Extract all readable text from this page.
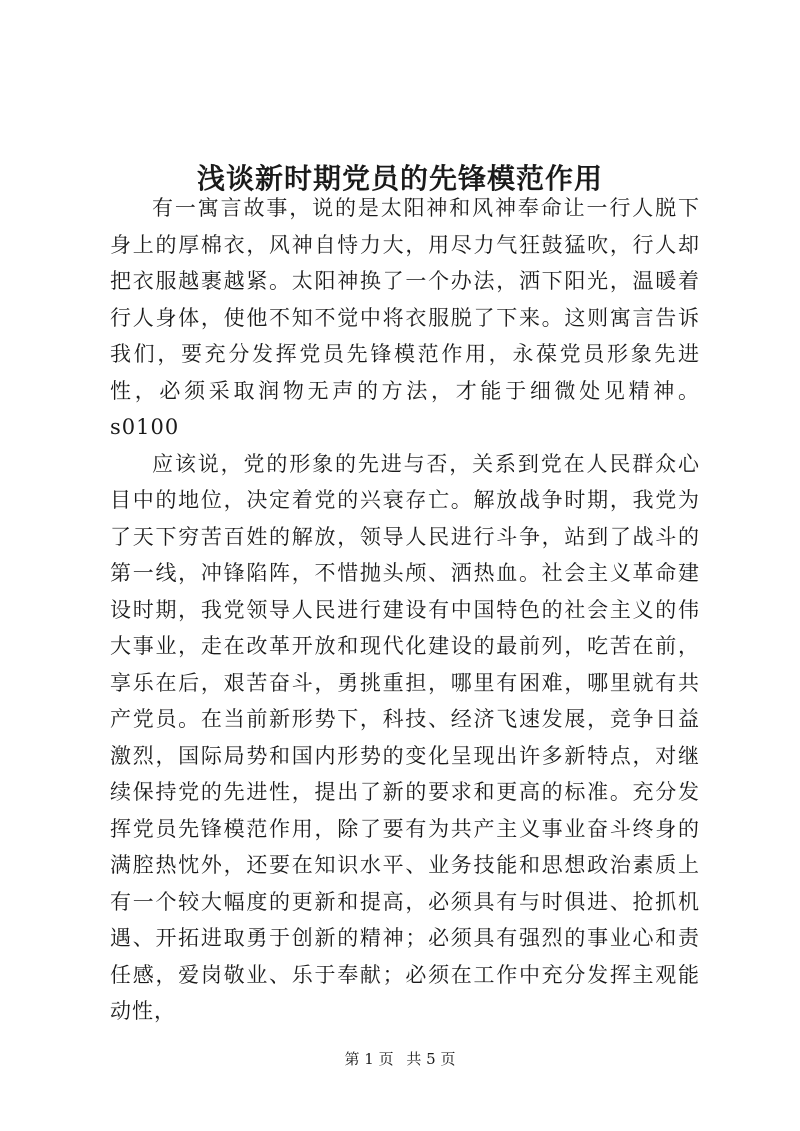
浅谈新时期党员的先锋模范作用

有一寓言故事，说的是太阳神和风神奉命让一行人脱下身上的厚棉衣，风神自恃力大，用尽力气狂鼓猛吹，行人却把衣服越裹越紧。太阳神换了一个办法，洒下阳光，温暖着行人身体，使他不知不觉中将衣服脱了下来。这则寓言告诉我们，要充分发挥党员先锋模范作用，永葆党员形象先进性，必须采取润物无声的方法，才能于细微处见精神。s0100

应该说，党的形象的先进与否，关系到党在人民群众心目中的地位，决定着党的兴衰存亡。解放战争时期，我党为了天下穷苦百姓的解放，领导人民进行斗争，站到了战斗的第一线，冲锋陷阵，不惜抛头颅、洒热血。社会主义革命建设时期，我党领导人民进行建设有中国特色的社会主义的伟大事业，走在改革开放和现代化建设的最前列，吃苦在前，享乐在后，艰苦奋斗，勇挑重担，哪里有困难，哪里就有共产党员。在当前新形势下，科技、经济飞速发展，竞争日益激烈，国际局势和国内形势的变化呈现出许多新特点，对继续保持党的先进性，提出了新的要求和更高的标准。充分发挥党员先锋模范作用，除了要有为共产主义事业奋斗终身的满腔热忱外，还要在知识水平、业务技能和思想政治素质上有一个较大幅度的更新和提高，必须具有与时俱进、抢抓机遇、开拓进取勇于创新的精神；必须具有强烈的事业心和责任感，爱岗敬业、乐于奉献；必须在工作中充分发挥主观能动性，

第 1 页 共 5 页
